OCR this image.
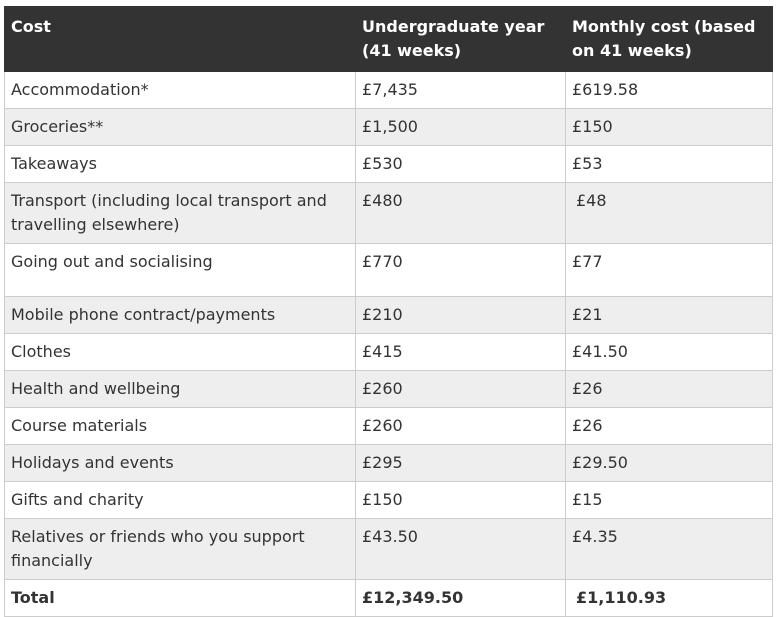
Cost	Undergraduate year (41 weeks)	Monthly cost (based on 41 weeks)
Accommodation*	£7,435	£619.58
Groceries**	£1,500	£150
Takeaways	£530	£53
Transport (including local transport and travelling elsewhere)	£480	£48
Going out and socialising	£770	£77
Mobile phone contract/payments	£210	£21
Clothes	£415	£41.50
Health and wellbeing	£260	£26
Course materials	£260	£26
Holidays and events	£295	£29.50
Gifts and charity	£150	£15
Relatives or friends who you support financially	£43.50	£4.35
Total	£12,349.50	£1,110.93
